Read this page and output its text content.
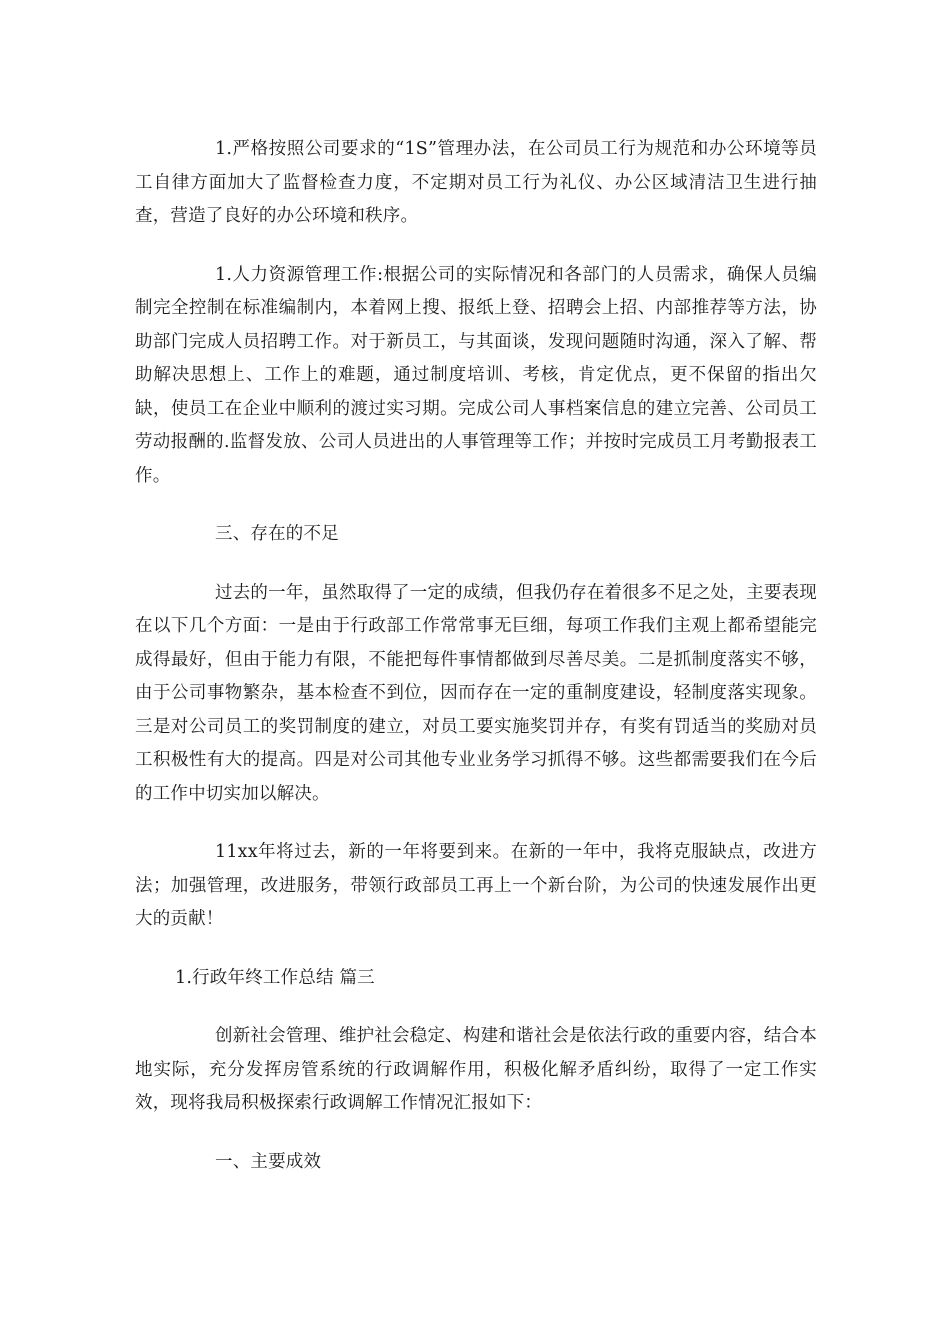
1.严格按照公司要求的“1S”管理办法，在公司员工行为规范和办公环境等员工自律方面加大了监督检查力度，不定期对员工行为礼仪、办公区域清洁卫生进行抽查，营造了良好的办公环境和秩序。

1.人力资源管理工作:根据公司的实际情况和各部门的人员需求，确保人员编制完全控制在标准编制内，本着网上搜、报纸上登、招聘会上招、内部推荐等方法，协助部门完成人员招聘工作。对于新员工，与其面谈，发现问题随时沟通，深入了解、帮助解决思想上、工作上的难题，通过制度培训、考核，肯定优点，更不保留的指出欠缺，使员工在企业中顺利的渡过实习期。完成公司人事档案信息的建立完善、公司员工劳动报酬的.监督发放、公司人员进出的人事管理等工作；并按时完成员工月考勤报表工作。

三、存在的不足

过去的一年，虽然取得了一定的成绩，但我仍存在着很多不足之处，主要表现在以下几个方面：一是由于行政部工作常常事无巨细，每项工作我们主观上都希望能完成得最好，但由于能力有限，不能把每件事情都做到尽善尽美。二是抓制度落实不够，由于公司事物繁杂，基本检查不到位，因而存在一定的重制度建设，轻制度落实现象。三是对公司员工的奖罚制度的建立，对员工要实施奖罚并存，有奖有罚适当的奖励对员工积极性有大的提高。四是对公司其他专业业务学习抓得不够。这些都需要我们在今后的工作中切实加以解决。

11xx年将过去，新的一年将要到来。在新的一年中，我将克服缺点，改进方法；加强管理，改进服务，带领行政部员工再上一个新台阶，为公司的快速发展作出更大的贡献！

1.行政年终工作总结 篇三

创新社会管理、维护社会稳定、构建和谐社会是依法行政的重要内容，结合本地实际，充分发挥房管系统的行政调解作用，积极化解矛盾纠纷，取得了一定工作实效，现将我局积极探索行政调解工作情况汇报如下：

一、主要成效
